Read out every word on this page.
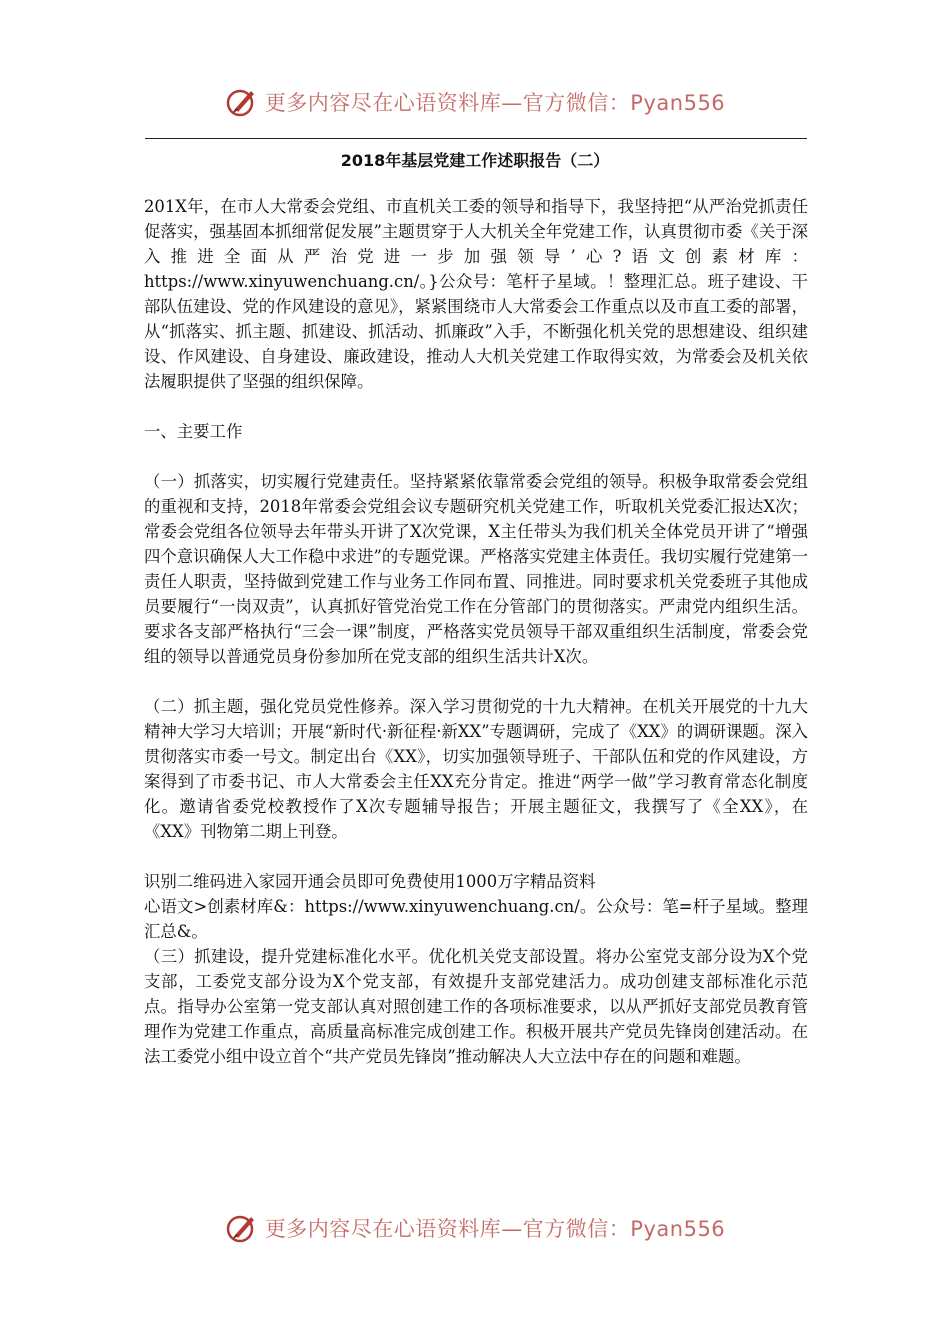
更多内容尽在心语资料库—官方微信：Pyan556
2018年基层党建工作述职报告（二）

201X年，在市人大常委会党组、市直机关工委的领导和指导下，我坚持把“从严治党抓责任促落实，强基固本抓细常促发展”主题贯穿于人大机关全年党建工作，认真贯彻市委《关于深入推进全面从严治党进一步加强领导’心?语文创素材库：https://www.xinyuwenchuang.cn/。}公众号：笔杆子星域。！整理汇总。班子建设、干部队伍建设、党的作风建设的意见》，紧紧围绕市人大常委会工作重点以及市直工委的部署，从“抓落实、抓主题、抓建设、抓活动、抓廉政”入手，不断强化机关党的思想建设、组织建设、作风建设、自身建设、廉政建设，推动人大机关党建工作取得实效，为常委会及机关依法履职提供了坚强的组织保障。

一、主要工作

（一）抓落实，切实履行党建责任。坚持紧紧依靠常委会党组的领导。积极争取常委会党组的重视和支持，2018年常委会党组会议专题研究机关党建工作，听取机关党委汇报达X次；常委会党组各位领导去年带头开讲了X次党课，X主任带头为我们机关全体党员开讲了“增强四个意识确保人大工作稳中求进”的专题党课。严格落实党建主体责任。我切实履行党建第一责任人职责，坚持做到党建工作与业务工作同布置、同推进。同时要求机关党委班子其他成员要履行“一岗双责”，认真抓好管党治党工作在分管部门的贯彻落实。严肃党内组织生活。要求各支部严格执行“三会一课”制度，严格落实党员领导干部双重组织生活制度，常委会党组的领导以普通党员身份参加所在党支部的组织生活共计X次。

（二）抓主题，强化党员党性修养。深入学习贯彻党的十九大精神。在机关开展党的十九大精神大学习大培训；开展“新时代·新征程·新XX”专题调研，完成了《XX》的调研课题。深入贯彻落实市委一号文。制定出台《XX》，切实加强领导班子、干部队伍和党的作风建设，方案得到了市委书记、市人大常委会主任XX充分肯定。推进“两学一做”学习教育常态化制度化。邀请省委党校教授作了X次专题辅导报告；开展主题征文，我撰写了《全XX》，在《XX》刊物第二期上刊登。

识别二维码进入家园开通会员即可免费使用1000万字精品资料

心语文>创素材库&：https://www.xinyuwenchuang.cn/。公众号：笔=杆子星域。整理汇总&。

（三）抓建设，提升党建标准化水平。优化机关党支部设置。将办公室党支部分设为X个党支部，工委党支部分设为X个党支部，有效提升支部党建活力。成功创建支部标准化示范点。指导办公室第一党支部认真对照创建工作的各项标准要求，以从严抓好支部党员教育管理作为党建工作重点，高质量高标准完成创建工作。积极开展共产党员先锋岗创建活动。在法工委党小组中设立首个“共产党员先锋岗”推动解决人大立法中存在的问题和难题。

更多内容尽在心语资料库—官方微信：Pyan556
